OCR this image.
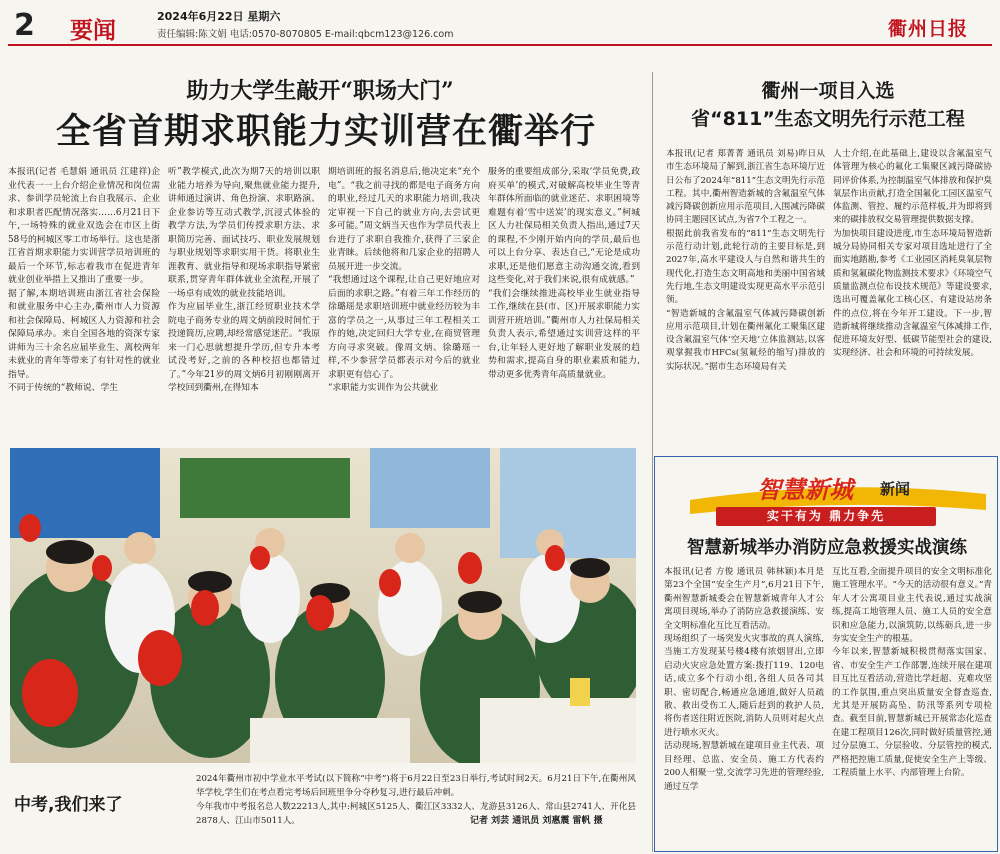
2 要闻
2024年6月22日 星期六
责任编辑:陈文娟 电话:0570-8070805 E-mail:qbcm123@126.com	衢州日报
助力大学生敲开“职场大门”
全省首期求职能力实训营在衢举行
本报讯(记者 毛慧娟 通讯员 江建祥)企业代表一一上台介绍企业情况和岗位需求、参训学员轮流上台自我展示、企业和求职者匹配情况落实……6月21日下午,一场特殊的就业双选会在市区上街58号的柯城区零工市场举行。这也是浙江省首期求职能力实训营学员培训班的最后一个环节,标志着我市在促进青年就业创业举措上又推出了重要一步。
据了解,本期培训班由浙江省社会保险和就业服务中心主办,衢州市人力资源和社会保障局、柯城区人力资源和社会保障局承办。来自全国各地的资深专家讲师为三十余名应届毕业生、离校两年未就业的青年等带来了有针对性的就业指导。
不同于传统的“教师说、学生
听”教学模式,此次为期7天的培训以职业能力培养为导向,聚焦就业能力提升,讲师通过演讲、角色扮演、求职路演、企业参访等互动式教学,沉浸式体验的教学方法,为学员们传授求职方法、求职简历完善、面试技巧、职业发展规划与职业规划等求职实用干货。将职业生涯教育、就业指导和现场求职指导紧密联系,贯穿青年群体就业全流程,开展了一场卓有成效的就业技能培训。
作为应届毕业生,浙江经贸职业技术学院电子商务专业的周文炳前段时间忙于投递简历,应聘,却经常感觉迷茫。“我原来一门心思就想提升学历,但专升本考试没考好,之前的各种校招也都错过了。”今年21岁的周文炳6月初刚刚离开学校回到衢州,在得知本
期培训班的报名消息后,他决定来“充个电”。“我之前寻找的都是电子商务方向的职业,经过几天的求职能力培训,我决定审视一下自己的就业方向,去尝试更多可能。”周文炳当天也作为学员代表上台进行了求职自我推介,获得了三家企业青睐。后续他将和几家企业的招聘人员展开进一步交流。
“我想通过这个课程,让自己更好地应对后面的求职之路。”有着三年工作经历的徐璐瑶是求职培训班中就业经历较为丰富的学员之一,从事过三年工程相关工作的她,决定回归大学专业,在商贸管理方向寻求突破。像周文炳、徐璐瑶一样,不少参营学员都表示对今后的就业求职更有信心了。
“求职能力实训作为公共就业
服务的重要组成部分,采取‘学员免费,政府买单’的模式,对破解高校毕业生等青年群体所面临的就业迷茫、求职困境等难题有着‘雪中送炭’的现实意义。”柯城区人力社保局相关负责人指出,通过7天的课程,不少刚开始内向的学员,最后也可以上台分享、表达自己,“无论是成功求职,还是他们愿意主动沟通交流,看到这些变化,对于我们来说,很有成就感。”
“我们会继续推进高校毕业生就业指导工作,继续在县(市、区)开展求职能力实训营开班培训。”衢州市人力社保局相关负责人表示,希望通过实训营这样的平台,让年轻人更好地了解职业发展的趋势和需求,提高自身的职业素质和能力,带动更多优秀青年高质量就业。
中考,我们来了
2024年衢州市初中学业水平考试(以下简称“中考”)将于6月22日至23日举行,考试时间2天。6月21日下午,在衢州风华学校,学生们在考点看完考场后回班里争分夺秒复习,进行最后冲刺。
今年我市中考报名总人数22213人,其中:柯城区5125人、衢江区3332人、龙游县3126人、常山县2741人、开化县2878人、江山市5011人。	记者 刘芸 通讯员 刘惠震 雷帆 摄
衢州一项目入选
省“811”生态文明先行示范工程
本报讯(记者 郑菁菁 通讯员 刘易)昨日从市生态环境局了解到,浙江省生态环境厅近日公布了2024年“811”生态文明先行示范工程。其中,衢州智造新城的含氟温室气体减污降碳创新应用示范项目,入围减污降碳协同主题园区试点,为省7个工程之一。
根据此前我省发布的“811”生态文明先行示范行动计划,此轮行动的主要目标是,到2027年,高水平建设人与自然和谐共生的现代化,打造生态文明高地和美丽中国省域先行地,生态文明建设实现更高水平示范引领。
“智造新城的含氟温室气体减污降碳创新应用示范项目,计划在衢州氟化工聚集区建设含氟温室气体‘空天地’立体监测站,以客观掌握我市HFCs(氢氟烃的缩写)排放的实际状况。”据市生态环境局有关
人士介绍,在此基础上,建设以含氟温室气体管理为核心的氟化工集聚区减污降碳协同评价体系,为控制温室气体排放和保护臭氧层作出贡献,打造全国氟化工园区温室气体监测、管控、履约示范样板,并为即将到来的碳排放权交易管理提供数据支撑。
为加快项目建设进度,市生态环境局智造新城分局协同相关专家对项目选址进行了全面实地踏勘,参考《工业园区消耗臭氧层物质和氢氟碳化物监测技术要求》《环境空气质量监测点位布设技术规范》等建设要求,选出可覆盖氟化工核心区、有建设站房条件的点位,将在今年开工建设。下一步,智造新城将继续推动含氟温室气体减排工作,促进环境友好型、低碳节能型社会的建设,实现经济、社会和环境的可持续发展。
智慧新城	新闻
实干有为 鼎力争先
智慧新城举办消防应急救援实战演练
本报讯(记者 方俊 通讯员 韩林颖)本月是第23个全国“安全生产月”,6月21日下午,衢州智慧新城委会在智慧新城青年人才公寓项目现场,举办了消防应急救援演练、安全文明标准化互比互看活动。
现场组织了一场突发火灾事故的真人演练,当施工方发现某号楼4楼有浓烟冒出,立即启动火灾应急处置方案:拨打119、120电话,成立多个行动小组,各组人员各司其职、密切配合,畅通应急通道,做好人员疏散、救出受伤工人,随后赶到的救护人员,将伤者送往附近医院,消防人员则对起火点进行喷水灭火。
活动现场,智慧新城在建项目业主代表、项目经理、总监、安全员、施工方代表约200人相聚一堂,交流学习先进的管理经验,通过互学
互比互看,全面提升项目的安全文明标准化施工管理水平。“今天的活动很有意义。”青年人才公寓项目业主代表说,通过实战演练,提高工地管理人员、施工人员的安全意识和应急能力,以演筑防,以练砺兵,进一步夯实安全生产的根基。
今年以来,智慧新城积极贯彻落实国家、省、市安全生产工作部署,连续开展在建项目互比互看活动,营造比学赶超、克难攻坚的工作氛围,重点突出质量安全督查巡查,尤其是开展防高坠、防汛等系列专项检查。截至目前,智慧新城已开展常态化巡查在建工程项目126次,同时做好质量管控,通过分层施工、分层验收、分层管控的模式,严格把控施工质量,促使安全生产上等级、工程质量上水平、内部管理上台阶。
